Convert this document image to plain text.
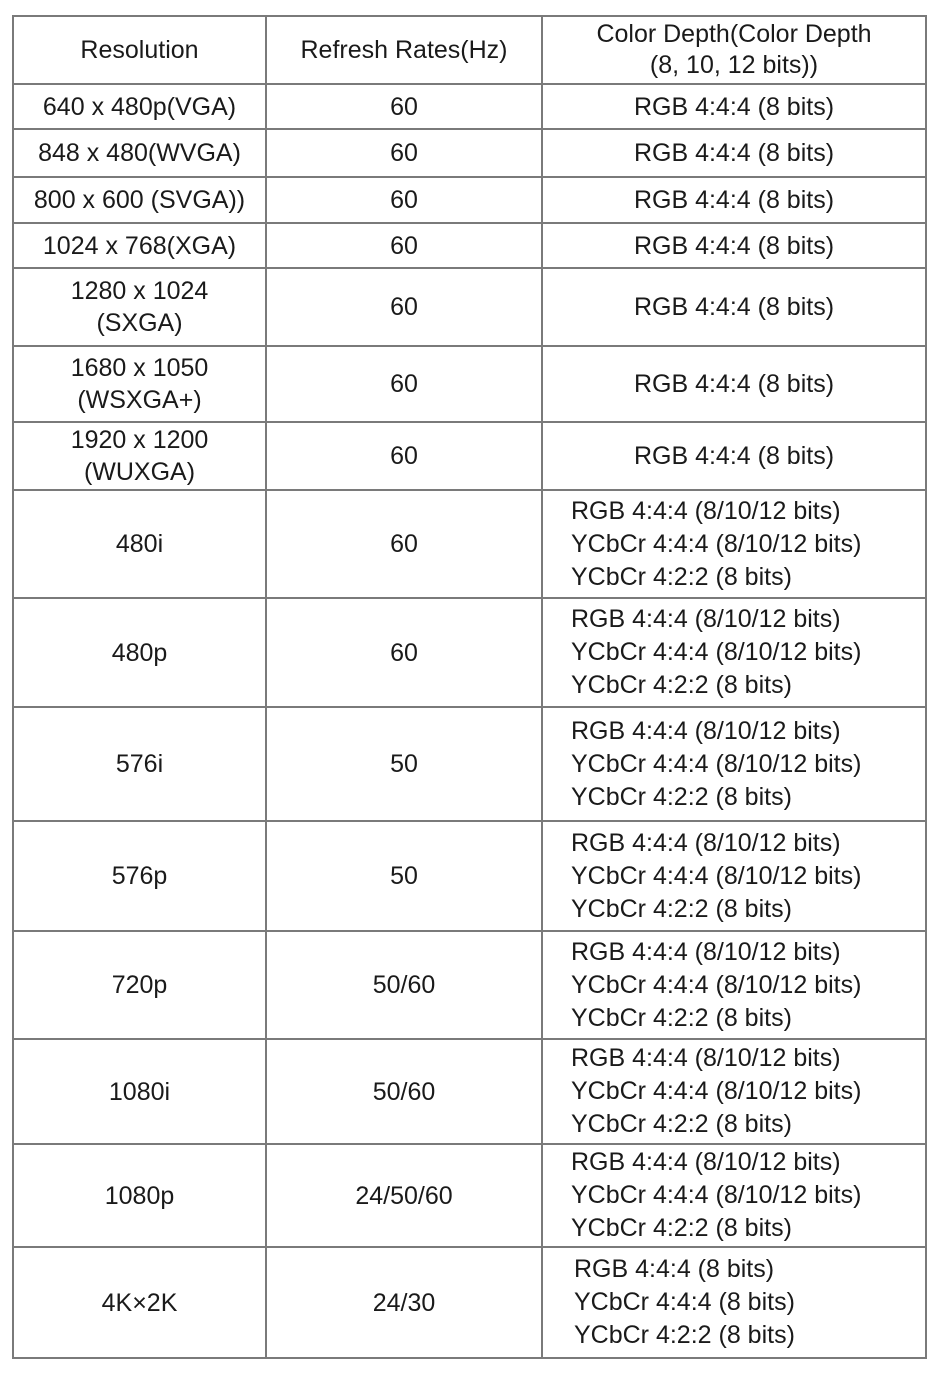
Resolution	Refresh Rates(Hz)	Color Depth(Color Depth
(8, 10, 12 bits))

640 x 480p(VGA)	60	RGB 4:4:4 (8 bits)

848 x 480(WVGA)	60	RGB 4:4:4 (8 bits)

800 x 600 (SVGA))	60	RGB 4:4:4 (8 bits)

1024 x 768(XGA)	60	RGB 4:4:4 (8 bits)

1280 x 1024
(SXGA)	60	RGB 4:4:4 (8 bits)

1680 x 1050
(WSXGA+)	60	RGB 4:4:4 (8 bits)

1920 x 1200
(WUXGA)	60	RGB 4:4:4 (8 bits)

480i	60	RGB 4:4:4 (8/10/12 bits)
YCbCr 4:4:4 (8/10/12 bits)
YCbCr 4:2:2 (8 bits)

480p	60	RGB 4:4:4 (8/10/12 bits)
YCbCr 4:4:4 (8/10/12 bits)
YCbCr 4:2:2 (8 bits)

576i	50	RGB 4:4:4 (8/10/12 bits)
YCbCr 4:4:4 (8/10/12 bits)
YCbCr 4:2:2 (8 bits)

576p	50	RGB 4:4:4 (8/10/12 bits)
YCbCr 4:4:4 (8/10/12 bits)
YCbCr 4:2:2 (8 bits)

720p	50/60	RGB 4:4:4 (8/10/12 bits)
YCbCr 4:4:4 (8/10/12 bits)
YCbCr 4:2:2 (8 bits)

1080i	50/60	RGB 4:4:4 (8/10/12 bits)
YCbCr 4:4:4 (8/10/12 bits)
YCbCr 4:2:2 (8 bits)

1080p	24/50/60	RGB 4:4:4 (8/10/12 bits)
YCbCr 4:4:4 (8/10/12 bits)
YCbCr 4:2:2 (8 bits)

4K×2K	24/30	RGB 4:4:4 (8 bits)
YCbCr 4:4:4 (8 bits)
YCbCr 4:2:2 (8 bits)
